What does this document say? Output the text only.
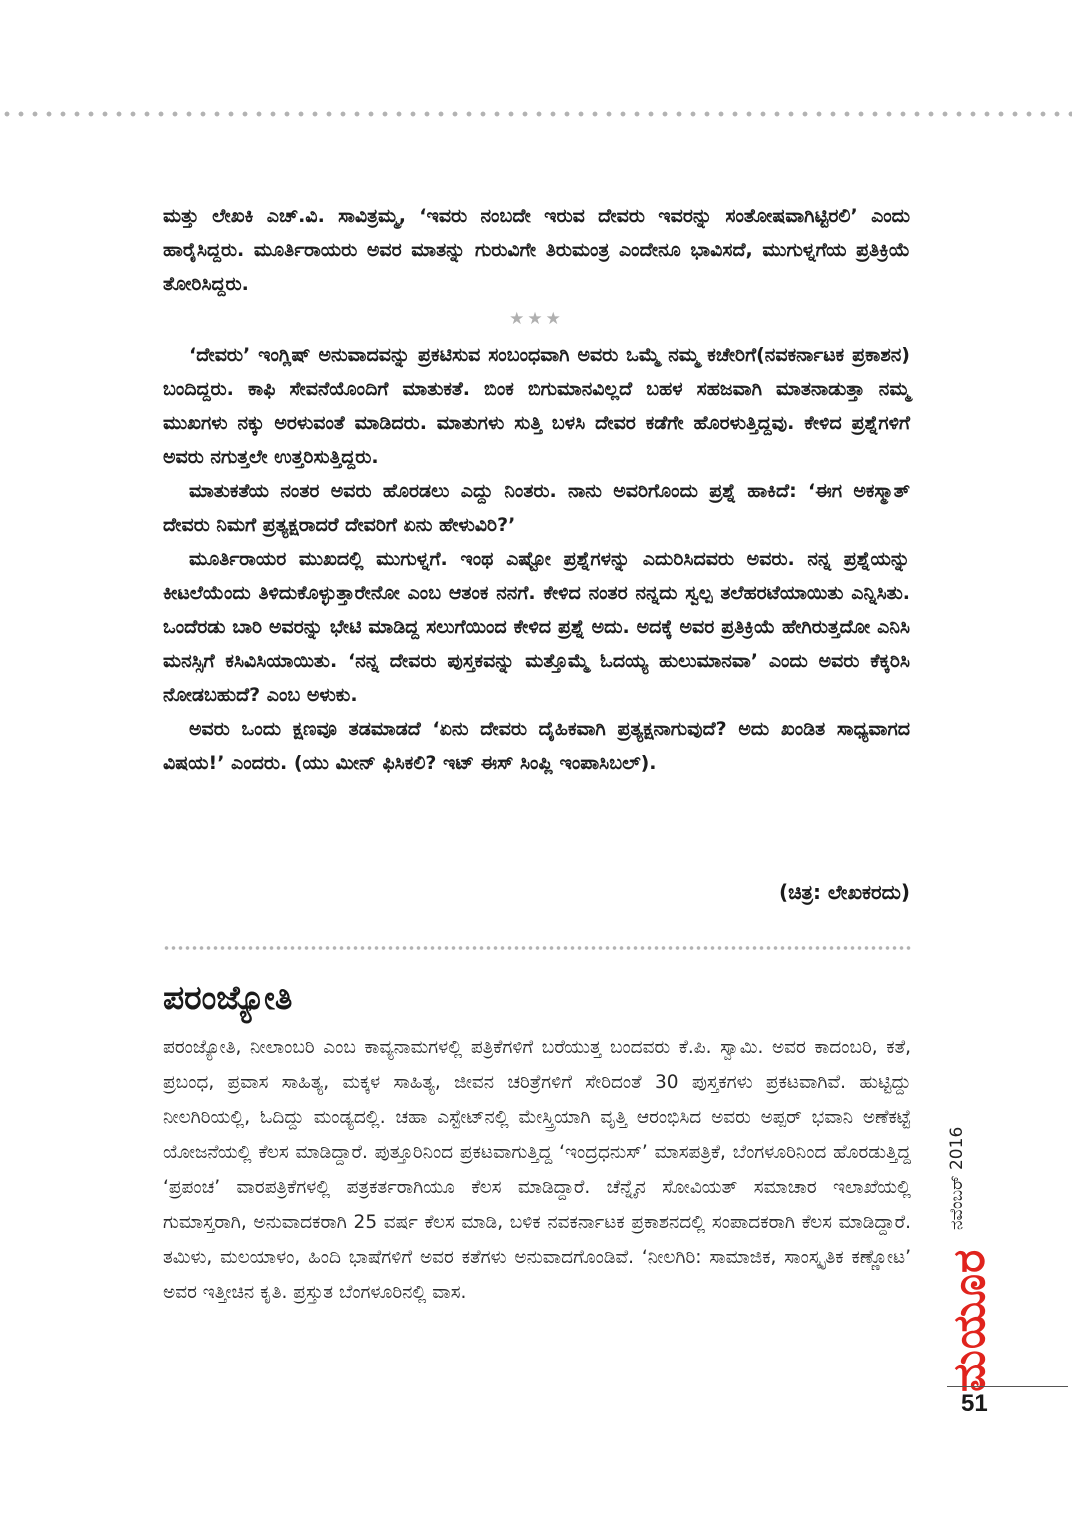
ಮತ್ತು ಲೇಖಕಿ ಎಚ್.ವಿ. ಸಾವಿತ್ರಮ್ಮ, ‘ಇವರು ನಂಬದೇ ಇರುವ ದೇವರು ಇವರನ್ನು ಸಂತೋಷವಾಗಿಟ್ಟಿರಲಿ’ ಎಂದು ಹಾರೈಸಿದ್ದರು. ಮೂರ್ತಿರಾಯರು ಅವರ ಮಾತನ್ನು ಗುರುವಿಗೇ ತಿರುಮಂತ್ರ ಎಂದೇನೂ ಭಾವಿಸದೆ, ಮುಗುಳ್ನಗೆಯ ಪ್ರತಿಕ್ರಿಯೆ ತೋರಿಸಿದ್ದರು.

★★★

‘ದೇವರು’ ಇಂಗ್ಲಿಷ್ ಅನುವಾದವನ್ನು ಪ್ರಕಟಿಸುವ ಸಂಬಂಧವಾಗಿ ಅವರು ಒಮ್ಮೆ ನಮ್ಮ ಕಚೇರಿಗೆ(ನವಕರ್ನಾಟಕ ಪ್ರಕಾಶನ) ಬಂದಿದ್ದರು. ಕಾಫಿ ಸೇವನೆಯೊಂದಿಗೆ ಮಾತುಕತೆ. ಬಿಂಕ ಬಿಗುಮಾನವಿಲ್ಲದೆ ಬಹಳ ಸಹಜವಾಗಿ ಮಾತನಾಡುತ್ತಾ ನಮ್ಮ ಮುಖಗಳು ನಕ್ಕು ಅರಳುವಂತೆ ಮಾಡಿದರು. ಮಾತುಗಳು ಸುತ್ತಿ ಬಳಸಿ ದೇವರ ಕಡೆಗೇ ಹೊರಳುತ್ತಿದ್ದವು. ಕೇಳಿದ ಪ್ರಶ್ನೆಗಳಿಗೆ ಅವರು ನಗುತ್ತಲೇ ಉತ್ತರಿಸುತ್ತಿದ್ದರು.

ಮಾತುಕತೆಯ ನಂತರ ಅವರು ಹೊರಡಲು ಎದ್ದು ನಿಂತರು. ನಾನು ಅವರಿಗೊಂದು ಪ್ರಶ್ನೆ ಹಾಕಿದೆ: ‘ಈಗ ಅಕಸ್ಮಾತ್ ದೇವರು ನಿಮಗೆ ಪ್ರತ್ಯಕ್ಷರಾದರೆ ದೇವರಿಗೆ ಏನು ಹೇಳುವಿರಿ?’

ಮೂರ್ತಿರಾಯರ ಮುಖದಲ್ಲಿ ಮುಗುಳ್ನಗೆ. ಇಂಥ ಎಷ್ಟೋ ಪ್ರಶ್ನೆಗಳನ್ನು ಎದುರಿಸಿದವರು ಅವರು. ನನ್ನ ಪ್ರಶ್ನೆಯನ್ನು ಕೀಟಲೆಯೆಂದು ತಿಳಿದುಕೊಳ್ಳುತ್ತಾರೇನೋ ಎಂಬ ಆತಂಕ ನನಗೆ. ಕೇಳಿದ ನಂತರ ನನ್ನದು ಸ್ವಲ್ಪ ತಲೆಹರಟೆಯಾಯಿತು ಎನ್ನಿಸಿತು. ಒಂದೆರಡು ಬಾರಿ ಅವರನ್ನು ಭೇಟಿ ಮಾಡಿದ್ದ ಸಲುಗೆಯಿಂದ ಕೇಳಿದ ಪ್ರಶ್ನೆ ಅದು. ಅದಕ್ಕೆ ಅವರ ಪ್ರತಿಕ್ರಿಯೆ ಹೇಗಿರುತ್ತದೋ ಎನಿಸಿ ಮನಸ್ಸಿಗೆ ಕಸಿವಿಸಿಯಾಯಿತು. ‘ನನ್ನ ದೇವರು ಪುಸ್ತಕವನ್ನು ಮತ್ತೊಮ್ಮೆ ಓದಯ್ಯ ಹುಲುಮಾನವಾ’ ಎಂದು ಅವರು ಕೆಕ್ಕರಿಸಿ ನೋಡಬಹುದೆ? ಎಂಬ ಅಳುಕು.

ಅವರು ಒಂದು ಕ್ಷಣವೂ ತಡಮಾಡದೆ ‘ಏನು ದೇವರು ದೈಹಿಕವಾಗಿ ಪ್ರತ್ಯಕ್ಷನಾಗುವುದೆ? ಅದು ಖಂಡಿತ ಸಾಧ್ಯವಾಗದ ವಿಷಯ!’ ಎಂದರು. (ಯು ಮೀನ್ ಫಿಸಿಕಲಿ? ಇಟ್ ಈಸ್ ಸಿಂಪ್ಲಿ ಇಂಪಾಸಿಬಲ್).

(ಚಿತ್ರ: ಲೇಖಕರದು)
ಪರಂಜ್ಯೋತಿ

ಪರಂಜ್ಯೋತಿ, ನೀಲಾಂಬರಿ ಎಂಬ ಕಾವ್ಯನಾಮಗಳಲ್ಲಿ ಪತ್ರಿಕೆಗಳಿಗೆ ಬರೆಯುತ್ತ ಬಂದವರು ಕೆ.ಪಿ. ಸ್ವಾಮಿ. ಅವರ ಕಾದಂಬರಿ, ಕತೆ, ಪ್ರಬಂಧ, ಪ್ರವಾಸ ಸಾಹಿತ್ಯ, ಮಕ್ಕಳ ಸಾಹಿತ್ಯ, ಜೀವನ ಚರಿತ್ರೆಗಳಿಗೆ ಸೇರಿದಂತೆ 30 ಪುಸ್ತಕಗಳು ಪ್ರಕಟವಾಗಿವೆ. ಹುಟ್ಟಿದ್ದು ನೀಲಗಿರಿಯಲ್ಲಿ, ಓದಿದ್ದು ಮಂಡ್ಯದಲ್ಲಿ. ಚಹಾ ಎಸ್ಟೇಟ್‌ನಲ್ಲಿ ಮೇಸ್ತ್ರಿಯಾಗಿ ವೃತ್ತಿ ಆರಂಭಿಸಿದ ಅವರು ಅಪ್ಪರ್ ಭವಾನಿ ಅಣೆಕಟ್ಟೆ ಯೋಜನೆಯಲ್ಲಿ ಕೆಲಸ ಮಾಡಿದ್ದಾರೆ. ಪುತ್ತೂರಿನಿಂದ ಪ್ರಕಟವಾಗುತ್ತಿದ್ದ ‘ಇಂದ್ರಧನುಸ್’ ಮಾಸಪತ್ರಿಕೆ, ಬೆಂಗಳೂರಿನಿಂದ ಹೊರಡುತ್ತಿದ್ದ ‘ಪ್ರಪಂಚ’ ವಾರಪತ್ರಿಕೆಗಳಲ್ಲಿ ಪತ್ರಕರ್ತರಾಗಿಯೂ ಕೆಲಸ ಮಾಡಿದ್ದಾರೆ. ಚೆನ್ನೈನ ಸೋವಿಯತ್ ಸಮಾಚಾರ ಇಲಾಖೆಯಲ್ಲಿ ಗುಮಾಸ್ತರಾಗಿ, ಅನುವಾದಕರಾಗಿ 25 ವರ್ಷ ಕೆಲಸ ಮಾಡಿ, ಬಳಿಕ ನವಕರ್ನಾಟಕ ಪ್ರಕಾಶನದಲ್ಲಿ ಸಂಪಾದಕರಾಗಿ ಕೆಲಸ ಮಾಡಿದ್ದಾರೆ. ತಮಿಳು, ಮಲಯಾಳಂ, ಹಿಂದಿ ಭಾಷೆಗಳಿಗೆ ಅವರ ಕತೆಗಳು ಅನುವಾದಗೊಂಡಿವೆ. ‘ನೀಲಗಿರಿ: ಸಾಮಾಜಿಕ, ಸಾಂಸ್ಕೃತಿಕ ಕಣ್ಣೋಟ’ ಅವರ ಇತ್ತೀಚಿನ ಕೃತಿ. ಪ್ರಸ್ತುತ ಬೆಂಗಳೂರಿನಲ್ಲಿ ವಾಸ.

ನವೆಂಬರ್ 2016
ಮಯೂರ
51
